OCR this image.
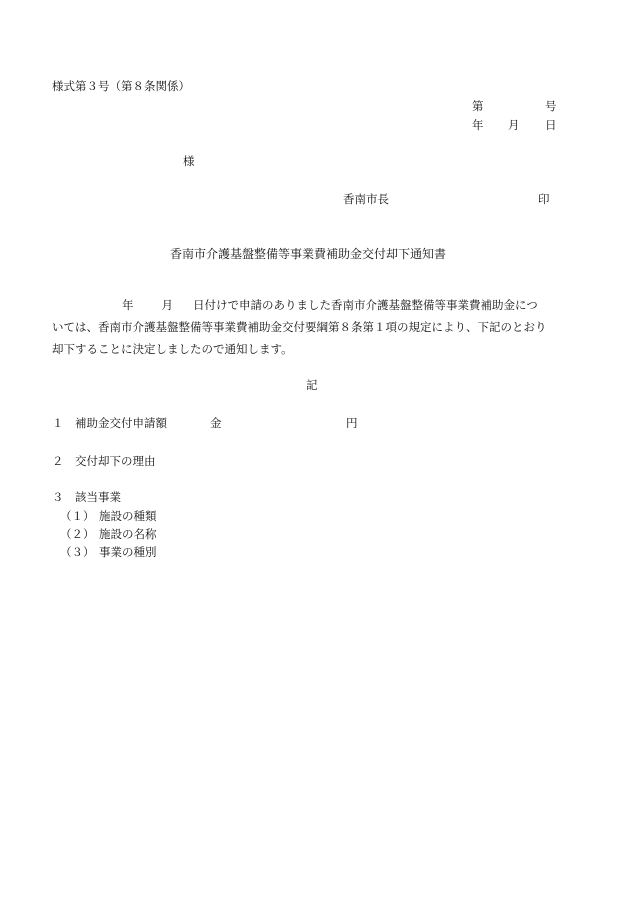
様式第３号（第８条関係）
第	号
年 月 日
様
香南市長	印
香南市介護基盤整備等事業費補助金交付却下通知書
年 月 日付けで申請のありました香南市介護基盤整備等事業費補助金につ
いては、香南市介護基盤整備等事業費補助金交付要綱第８条第１項の規定により、下記のとおり
却下することに決定しましたので通知します。
記
１ 補助金交付申請額	金	円
２ 交付却下の理由
３ 該当事業
（１） 施設の種類
（２） 施設の名称
（３） 事業の種別
